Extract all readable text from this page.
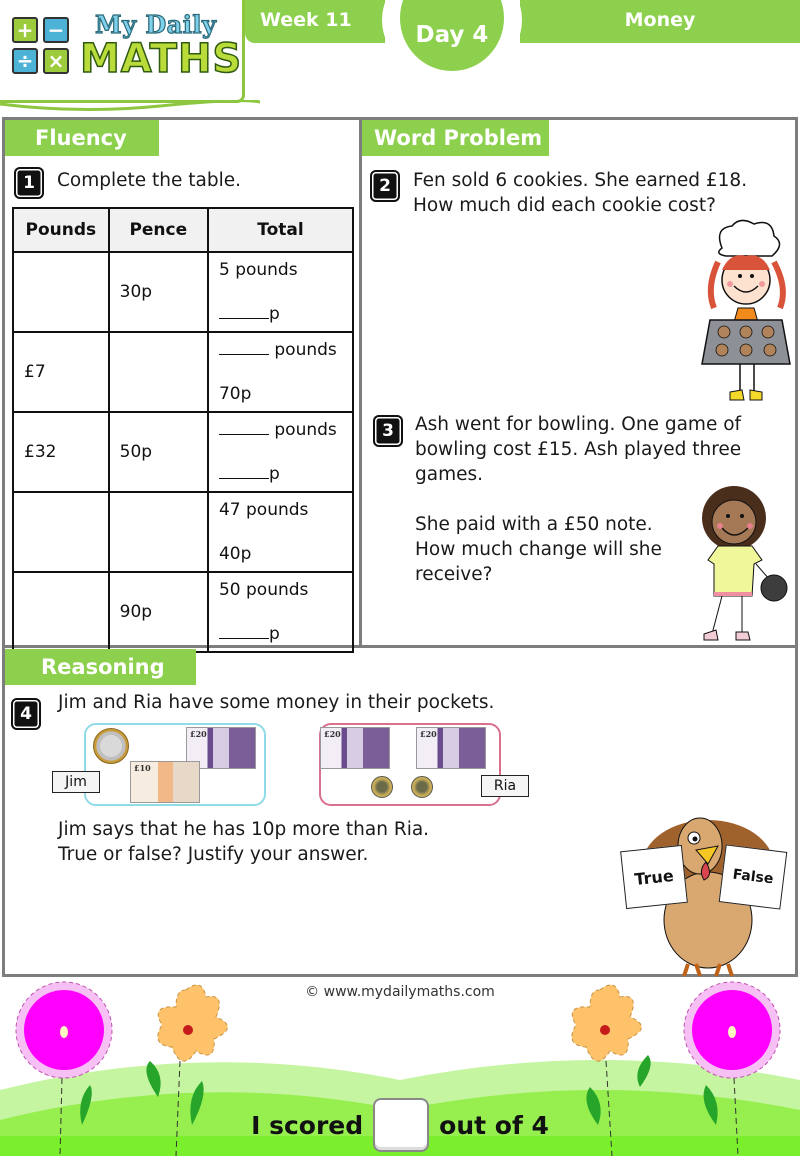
+ −
÷ ×
My Daily
MATHS
Week 11	Money
Day 4
Fluency
1	Complete the table.
Pounds	Pence	Total
	30p	5 pounds
p

£7		pounds
70p

£32	50p	pounds
p

		47 pounds
40p

	90p	50 pounds
p
Word Problem
2	Fen sold 6 cookies. She earned £18.
How much did each cookie cost?
3	Ash went for bowling. One game of
bowling cost £15. Ash played three
games.
She paid with a £50 note.
How much change will she
receive?
Reasoning
4
Jim and Ria have some money in their pockets.
£20
£10
Jim
£20	£20
Ria
Jim says that he has 10p more than Ria.
True or false? Justify your answer.
True	False
© www.mydailymaths.com
I scored	out of 4
